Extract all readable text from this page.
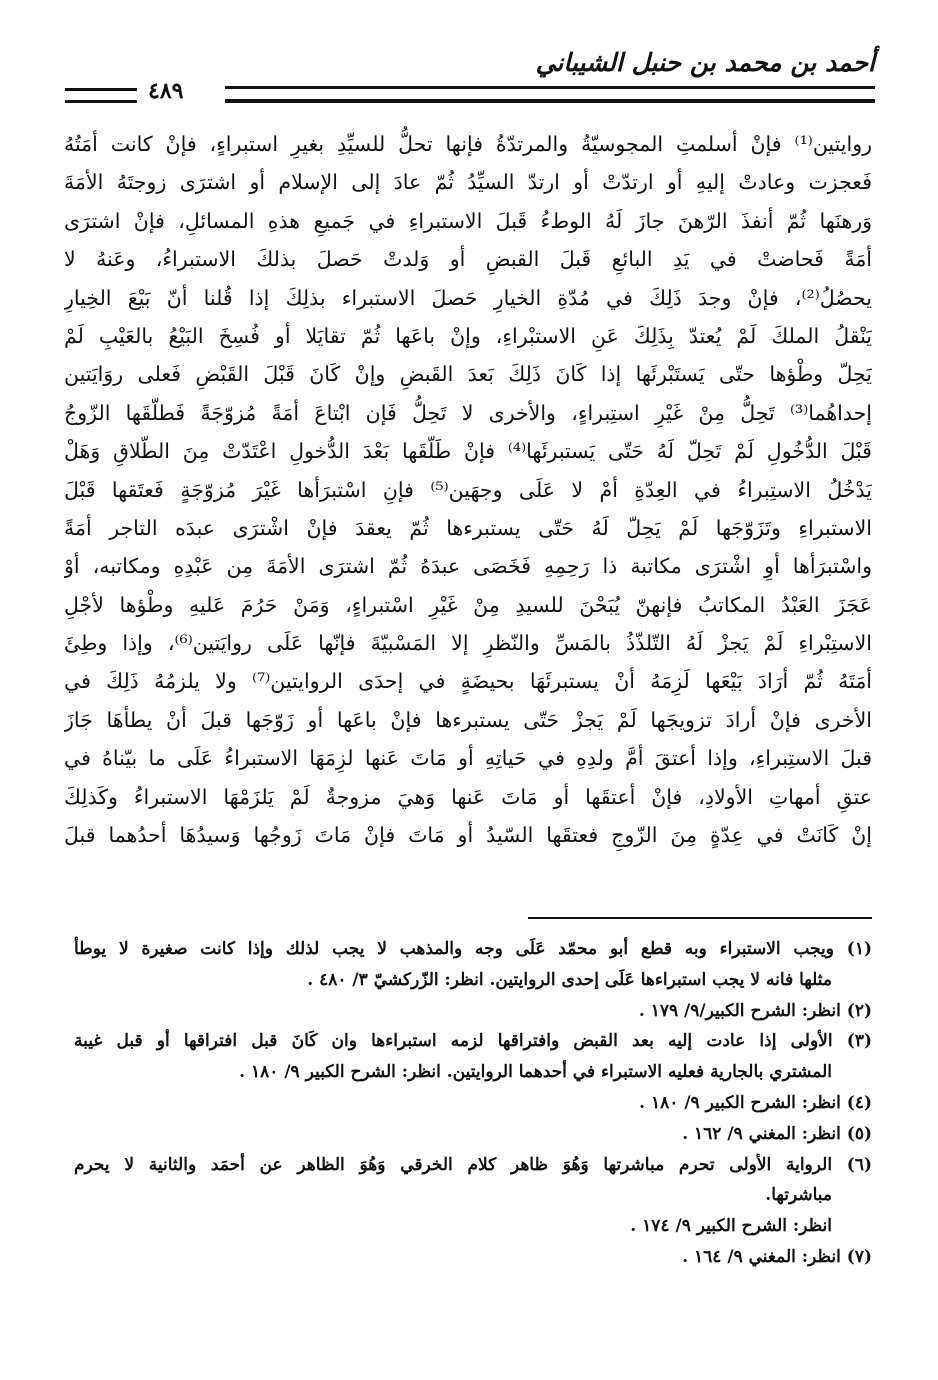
أحمد بن محمد بن حنبل الشيباني
٤٨٩
روايتين⁽¹⁾ فإنْ أسلمتِ المجوسيّةُ والمرتدّةُ فإنها تحلُّ للسيِّدِ بغيرِ استبراءٍ، فإنْ كانت أمَتُهُ
فَعجزت وعادتْ إليهِ أو ارتدّتْ أو ارتدّ السيِّدُ ثُمّ عادَ إلى الإسلام أو اشترَى زوجتَهُ الأمَةَ
وَرهنَها ثُمّ أنفذَ الرّهنَ جازَ لَهُ الوطءُ قَبلَ الاستبراءِ في جَميعِ هذهِ المسائلِ، فإنْ اشترَى
أمَةً فَحاضتْ في يَدِ البائعِ قَبلَ القبضِ أو وَلدتْ حَصلَ بذلكَ الاستبراءُ، وعَنهُ لا
يحصُلُ⁽²⁾، فإنْ وجدَ ذَلِكَ في مُدّةِ الخيارِ حَصلَ الاستبراء بذلِكَ إذا قُلنا أنّ بَيْعَ الخِيارِ
يَنْقلُ الملكَ لَمْ يُعتدّ بِذَلِكَ عَنِ الاستبْراءِ، وإنْ باعَها ثُمّ تقايَلا أو فُسِخَ البَيْعُ بالعَيْبِ لَمْ
يَحِلّ وطْؤها حتّى يَستَبْرئَها إذا كَانَ ذَلِكَ بَعدَ القَبضِ وإنْ كَانَ قَبْلَ القَبْضِ فَعلى روَايَتين
إحداهُما⁽³⁾ تَحِلُّ مِنْ غَيْرِ استِبراءٍ، والأخرى لا تَحِلُّ فَإن ابْتاعَ أمَةً مُزوّجَةً فَطلّقَها الزّوجُ
قَبْلَ الدُّخُولِ لَمْ تَحِلّ لَهُ حَتّى يَستبرئَها⁽⁴⁾ فإنْ طَلّقَها بَعْدَ الدُّخولِ اعْتَدّتْ مِنَ الطّلاقِ وَهَلْ
يَدْخُلُ الاستِبراءُ في العِدّةِ أمْ لا عَلَى وجهَين⁽⁵⁾ فإنِ اسْتبرَأها غَيْرَ مُزوّجَةٍ فَعتَقها قَبْلَ
الاستبراءِ وتَزَوّجَها لَمْ يَحِلّ لَهُ حَتّى يستبرءها ثُمّ يعقدَ فإنْ اشْترَى عبدَه التاجر أمَةً
واسْتبرَأها أوِ اشْترَى مكاتبة ذا رَحِمِهِ فَخَصَى عبدَهُ ثُمّ اشترَى الأمَةَ مِن عَبْدِهِ ومكاتبه، أوْ
عَجَزَ العَبْدُ المكاتبُ فإنهنّ يُبَحْنَ للسيدِ مِنْ غَيْرِ اسْتبراءٍ، وَمَنْ حَرُمَ عَليهِ وطْؤها لأجْلِ
الاستِبْراءِ لَمْ يَجزْ لَهُ التّلذّذُ بالمَسِّ والنّظرِ إلا المَسْبيّةَ فإنّها عَلَى روايَتين⁽⁶⁾، وإذا وطِئَ
أمَتَهُ ثُمّ أرَادَ بَيْعَها لَزِمَهُ أنْ يستبرئَهَا بحيضَةٍ في إحدَى الروايتين⁽⁷⁾ ولا يلزمُهُ ذَلِكَ في
الأخرى فإنْ أرادَ تزويجَها لَمْ يَجزْ حَتّى يستبرءها فإنْ باعَها أو زَوّجَها قبلَ أنْ يطأهَا جَازَ
قبلَ الاستِبراءِ، وإذا أعتقَ أمَّ ولدِهِ في حَياتِهِ أو مَاتَ عَنها لزِمَهَا الاستبراءُ عَلَى ما بيّناهُ في
عتقِ أمهاتِ الأولادِ، فإنْ أعتقَها أو مَاتَ عَنها وَهيَ مزوجةٌ لَمْ يَلزَمْهَا الاستبراءُ وكَذلِكَ
إنْ كَانَتْ في عِدّةٍ مِنَ الزّوجِ فعتقَها السّيدُ أو مَاتَ فإنْ مَاتَ زَوجُها وَسيدُهَا أحدُهما قبلَ
(١) ويجب الاستبراء وبه قطع أبو محمّد عَلَى وجه والمذهب لا يجب لذلك وإذا كانت صغيرة لا يوطأ
مثلها فانه لا يجب استبراءها عَلَى إحدى الروايتين. انظر: الزّركشيّ ٣/ ٤٨٠ .
(٢) انظر: الشرح الكبير/٩/ ١٧٩ .
(٣) الأولى إذا عادت إليه بعد القبض وافتراقها لزمه استبراءها وان كَانَ قبل افتراقها أو قبل غيبة
المشتري بالجارية فعليه الاستبراء في أحدهما الروايتين. انظر: الشرح الكبير ٩/ ١٨٠ .
(٤) انظر: الشرح الكبير ٩/ ١٨٠ .
(٥) انظر: المغني ٩/ ١٦٢ .
(٦) الرواية الأولى تحرم مباشرتها وَهُوَ ظاهر كلام الخرقي وَهُوَ الظاهر عن أحمَد والثانية لا يحرم
مباشرتها.
انظر: الشرح الكبير ٩/ ١٧٤ .
(٧) انظر: المغني ٩/ ١٦٤ .
